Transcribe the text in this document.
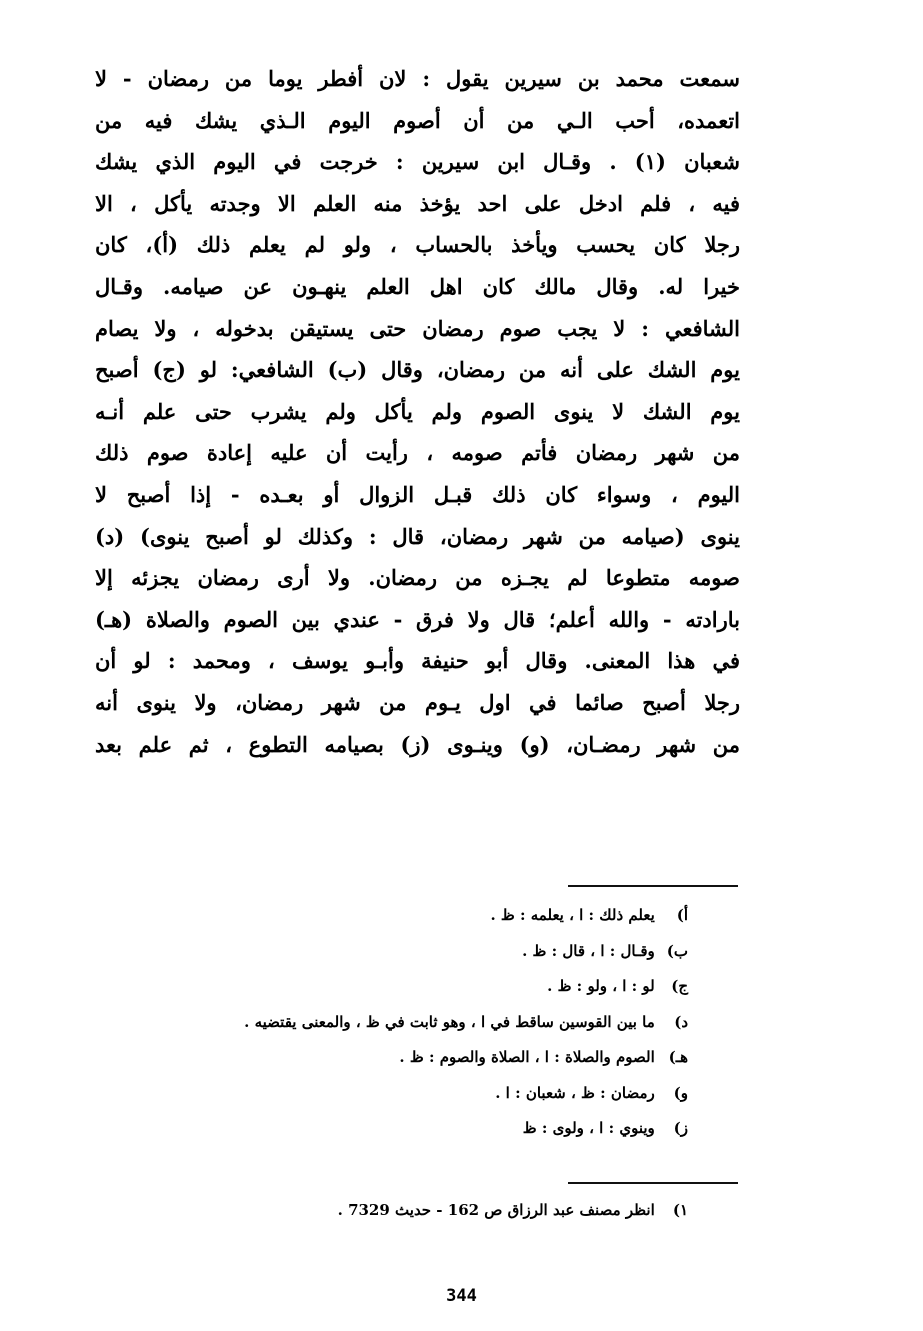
سمعت محمد بن سيرين يقول : لان أفطر يوما من رمضان - لا
اتعمده، أحب الـي من أن أصوم اليوم الـذي يشك فيه من
شعبان (١) . وقـال ابن سيرين : خرجت في اليوم الذي يشك
فيه ، فلم ادخل على احد يؤخذ منه العلم الا وجدته يأكل ، الا
رجلا كان يحسب ويأخذ بالحساب ، ولو لم يعلم ذلك (أ)، كان
خيرا له. وقال مالك كان اهل العلم ينهـون عن صيامه. وقـال
الشافعي : لا يجب صوم رمضان حتى يستيقن بدخوله ، ولا يصام
يوم الشك على أنه من رمضان، وقال (ب) الشافعي: لو (ج) أصبح
يوم الشك لا ينوى الصوم ولم يأكل ولم يشرب حتى علم أنـه
من شهر رمضان فأتم صومه ، رأيت أن عليه إعادة صوم ذلك
اليوم ، وسواء كان ذلك قبـل الزوال أو بعـده - إذا أصبح لا
ينوى (صيامه من شهر رمضان، قال : وكذلك لو أصبح ينوى) (د)
صومه متطوعا لم يجـزه من رمضان. ولا أرى رمضان يجزئه إلا
بارادته - والله أعلم؛ قال ولا فرق - عندي بين الصوم والصلاة (هـ)
في هذا المعنى. وقال أبو حنيفة وأبـو يوسف ، ومحمد : لو أن
رجلا أصبح صائما في اول يـوم من شهر رمضان، ولا ينوى أنه
من شهر رمضـان، (و) وينـوى (ز) بصيامه التطوع ، ثم علم بعد
أ) يعلم ذلك : ا ، يعلمه : ظ .
ب) وقـال : ا ، قال : ظ .
ج) لو : ا ، ولو : ظ .
د) ما بين القوسين ساقط في ا ، وهو ثابت في ظ ، والمعنى يقتضيه .
هـ) الصوم والصلاة : ا ، الصلاة والصوم : ظ .
و) رمضان : ظ ، شعبان : ا .
ز) وينوي : ا ، ولوى : ظ
١) انظر مصنف عبد الرزاق ص 162 - حديث 7329 .
344
